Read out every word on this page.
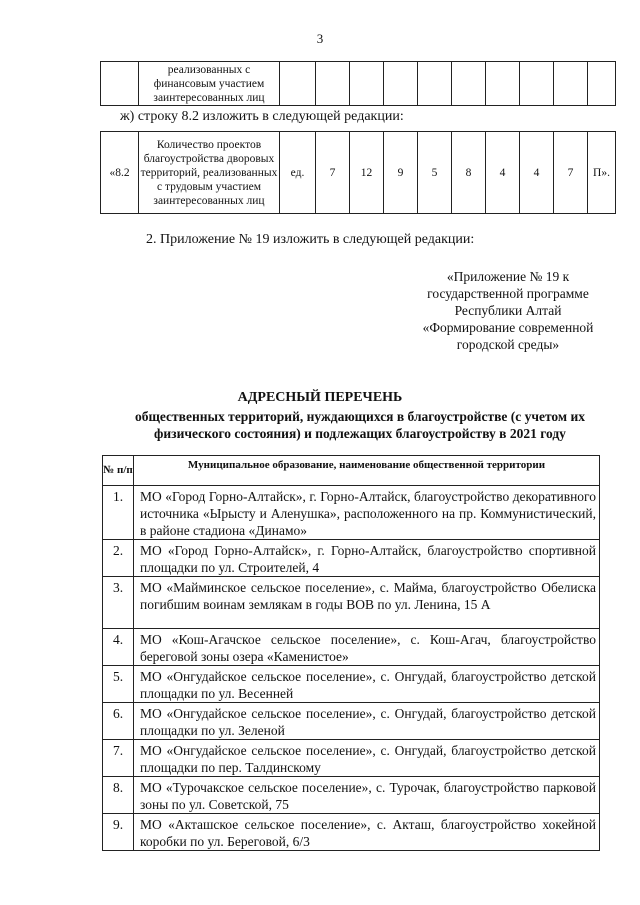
3
	реализованных с финансовым участием заинтересованных лиц										
ж) строку 8.2 изложить в следующей редакции:
«8.2	Количество проектов благоустройства дворовых территорий, реализованных с трудовым участием заинтересованных лиц	ед.	7	12	9	5	8	4	4	7	П».
2. Приложение № 19 изложить в следующей редакции:
«Приложение № 19 к государственной программе Республики Алтай «Формирование современной городской среды»
АДРЕСНЫЙ ПЕРЕЧЕНЬ
общественных территорий, нуждающихся в благоустройстве (с учетом их физического состояния) и подлежащих благоустройству в 2021 году
№ п/п	Муниципальное образование, наименование общественной территории
1.	МО «Город Горно-Алтайск», г. Горно-Алтайск, благоустройство декоративного источника «Ырысту и Аленушка», расположенного на пр. Коммунистический, в районе стадиона «Динамо»
2.	МО «Город Горно-Алтайск», г. Горно-Алтайск, благоустройство спортивной площадки по ул. Строителей, 4
3.	МО «Майминское сельское поселение», с. Майма, благоустройство Обелиска погибшим воинам землякам в годы ВОВ по ул. Ленина, 15 А
4.	МО «Кош-Агачское сельское поселение», с. Кош-Агач, благоустройство береговой зоны озера «Каменистое»
5.	МО «Онгудайское сельское поселение», с. Онгудай, благоустройство детской площадки по ул. Весенней
6.	МО «Онгудайское сельское поселение», с. Онгудай, благоустройство детской площадки по ул. Зеленой
7.	МО «Онгудайское сельское поселение», с. Онгудай, благоустройство детской площадки по пер. Талдинскому
8.	МО «Турочакское сельское поселение», с. Турочак, благоустройство парковой зоны по ул. Советской, 75
9.	МО «Акташское сельское поселение», с. Акташ, благоустройство хокейной коробки по ул. Береговой, 6/3
